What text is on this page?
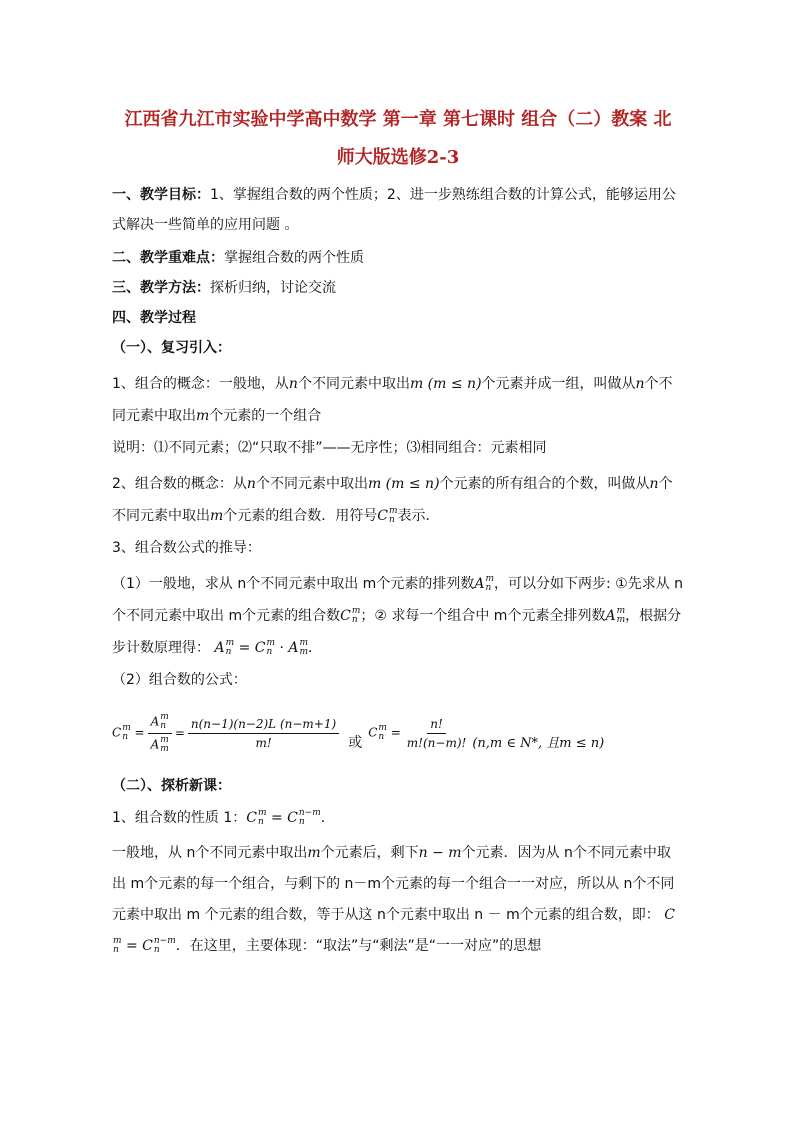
江西省九江市实验中学高中数学 第一章 第七课时 组合（二）教案 北
师大版选修2-3
一、教学目标：1、掌握组合数的两个性质；2、进一步熟练组合数的计算公式，能够运用公式解决一些简单的应用问题 。
二、教学重难点：掌握组合数的两个性质
三、教学方法：探析归纳，讨论交流
四、教学过程
（一）、复习引入：
1、组合的概念：一般地，从n个不同元素中取出m (m ≤ n)个元素并成一组，叫做从n个不同元素中取出m个元素的一个组合
说明：⑴不同元素；⑵“只取不排”——无序性；⑶相同组合：元素相同
2、组合数的概念：从n个不同元素中取出m (m ≤ n)个元素的所有组合的个数，叫做从n个不同元素中取出m个元素的组合数．用符号C m
n 表示．
3、组合数公式的推导：
（1）一般地，求从 n个不同元素中取出 m个元素的排列数A m
n ，可以分如下两步: ①先求从 n个不同元素中取出 m个元素的组合数C m
n ；② 求每一个组合中 m个元素全排列数A m
m ，根据分步计数原理得： A m
n = C m
n · A m
m ．
（2）组合数的公式：
C m
n = A m
n
A m
$m = \frac{n(n-1)(n-2)L (n-m+1)}{m!}$ 或
C m
$n = \frac{n!}{m!(n-m)!} (n,m$ ∈ N*, 且m ≤ n)
（二）、探析新课：
1、组合数的性质 1：C m
n = C n−m
n	．
一般地，从 n个不同元素中取出m个元素后，剩下n − m个元素．因为从 n个不同元素中取出 m个元素的每一个组合，与剩下的 n－m个元素的每一个组合一一对应，所以从 n个不同元素中取出 m 个元素的组合数，等于从这 n个元素中取出 n － m个元素的组合数，即： C
m
n = C n−m
n	．在这里，主要体现：“取法”与“剩法”是“一一对应”的思想
